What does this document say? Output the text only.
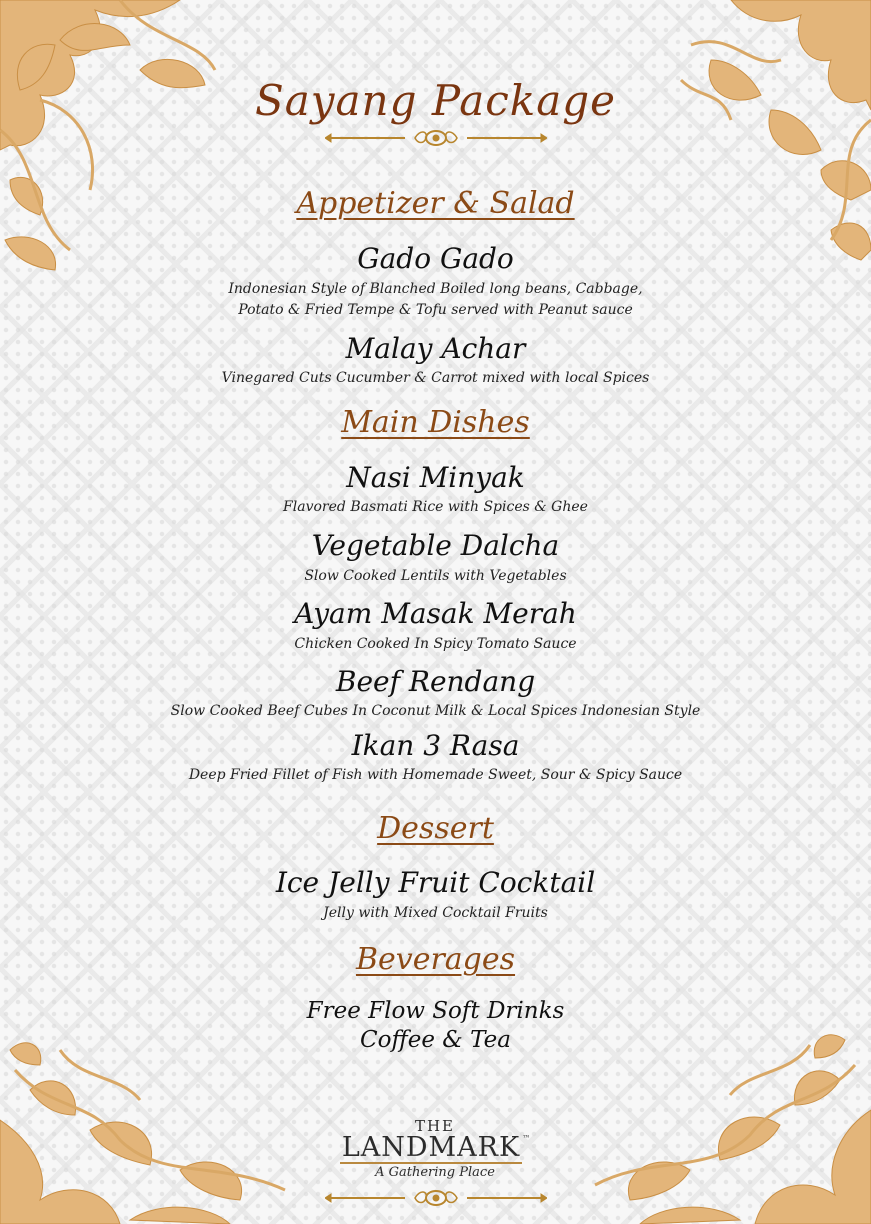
Sayang Package
Appetizer & Salad
Gado Gado
Indonesian Style of Blanched Boiled long beans, Cabbage,
Potato & Fried Tempe & Tofu served with Peanut sauce
Malay Achar
Vinegared Cuts Cucumber & Carrot mixed with local Spices
Main Dishes
Nasi Minyak
Flavored Basmati Rice with Spices & Ghee
Vegetable Dalcha
Slow Cooked Lentils with Vegetables
Ayam Masak Merah
Chicken Cooked In Spicy Tomato Sauce
Beef Rendang
Slow Cooked Beef Cubes In Coconut Milk & Local Spices Indonesian Style
Ikan 3 Rasa
Deep Fried Fillet of Fish with Homemade Sweet, Sour & Spicy Sauce
Dessert
Ice Jelly Fruit Cocktail
Jelly with Mixed Cocktail Fruits
Beverages
Free Flow Soft Drinks
Coffee & Tea
THE
LANDMARK ™
A Gathering Place
